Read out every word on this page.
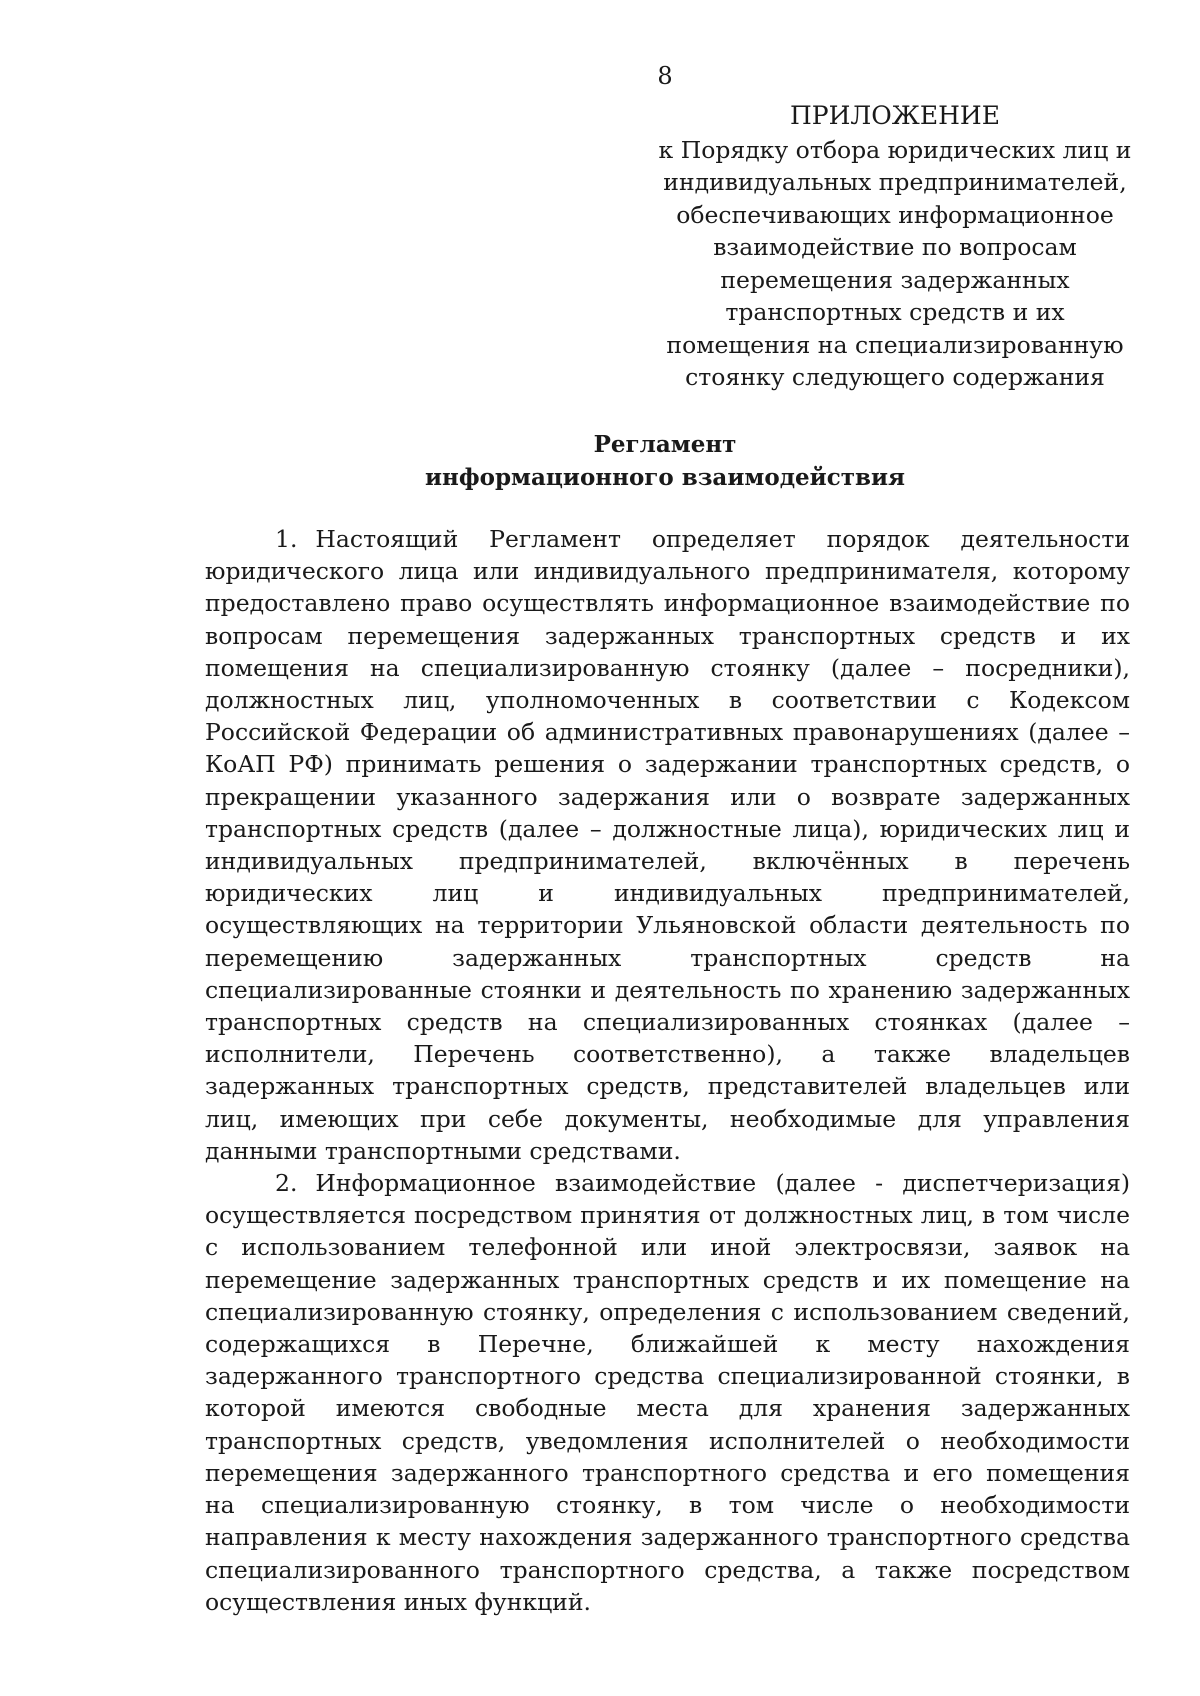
8
ПРИЛОЖЕНИЕ
к Порядку отбора юридических лиц и индивидуальных предпринимателей, обеспечивающих информационное взаимодействие по вопросам перемещения задержанных транспортных средств и их помещения на специализированную стоянку следующего содержания
Регламент
информационного взаимодействия

1. Настоящий Регламент определяет порядок деятельности юридического лица или индивидуального предпринимателя, которому предоставлено право осуществлять информационное взаимодействие по вопросам перемещения задержанных транспортных средств и их помещения на специализированную стоянку (далее – посредники), должностных лиц, уполномоченных в соответствии с Кодексом Российской Федерации об административных правонарушениях (далее – КоАП РФ) принимать решения о задержании транспортных средств, о прекращении указанного задержания или о возврате задержанных транспортных средств (далее – должностные лица), юридических лиц и индивидуальных предпринимателей, включённых в перечень юридических лиц и индивидуальных предпринимателей, осуществляющих на территории Ульяновской области деятельность по перемещению задержанных транспортных средств на специализированные стоянки и деятельность по хранению задержанных транспортных средств на специализированных стоянках (далее – исполнители, Перечень соответственно), а также владельцев задержанных транспортных средств, представителей владельцев или лиц, имеющих при себе документы, необходимые для управления данными транспортными средствами.

2. Информационное взаимодействие (далее - диспетчеризация) осуществляется посредством принятия от должностных лиц, в том числе с использованием телефонной или иной электросвязи, заявок на перемещение задержанных транспортных средств и их помещение на специализированную стоянку, определения с использованием сведений, содержащихся в Перечне, ближайшей к месту нахождения задержанного транспортного средства специализированной стоянки, в которой имеются свободные места для хранения задержанных транспортных средств, уведомления исполнителей о необходимости перемещения задержанного транспортного средства и его помещения на специализированную стоянку, в том числе о необходимости направления к месту нахождения задержанного транспортного средства специализированного транспортного средства, а также посредством осуществления иных функций.
